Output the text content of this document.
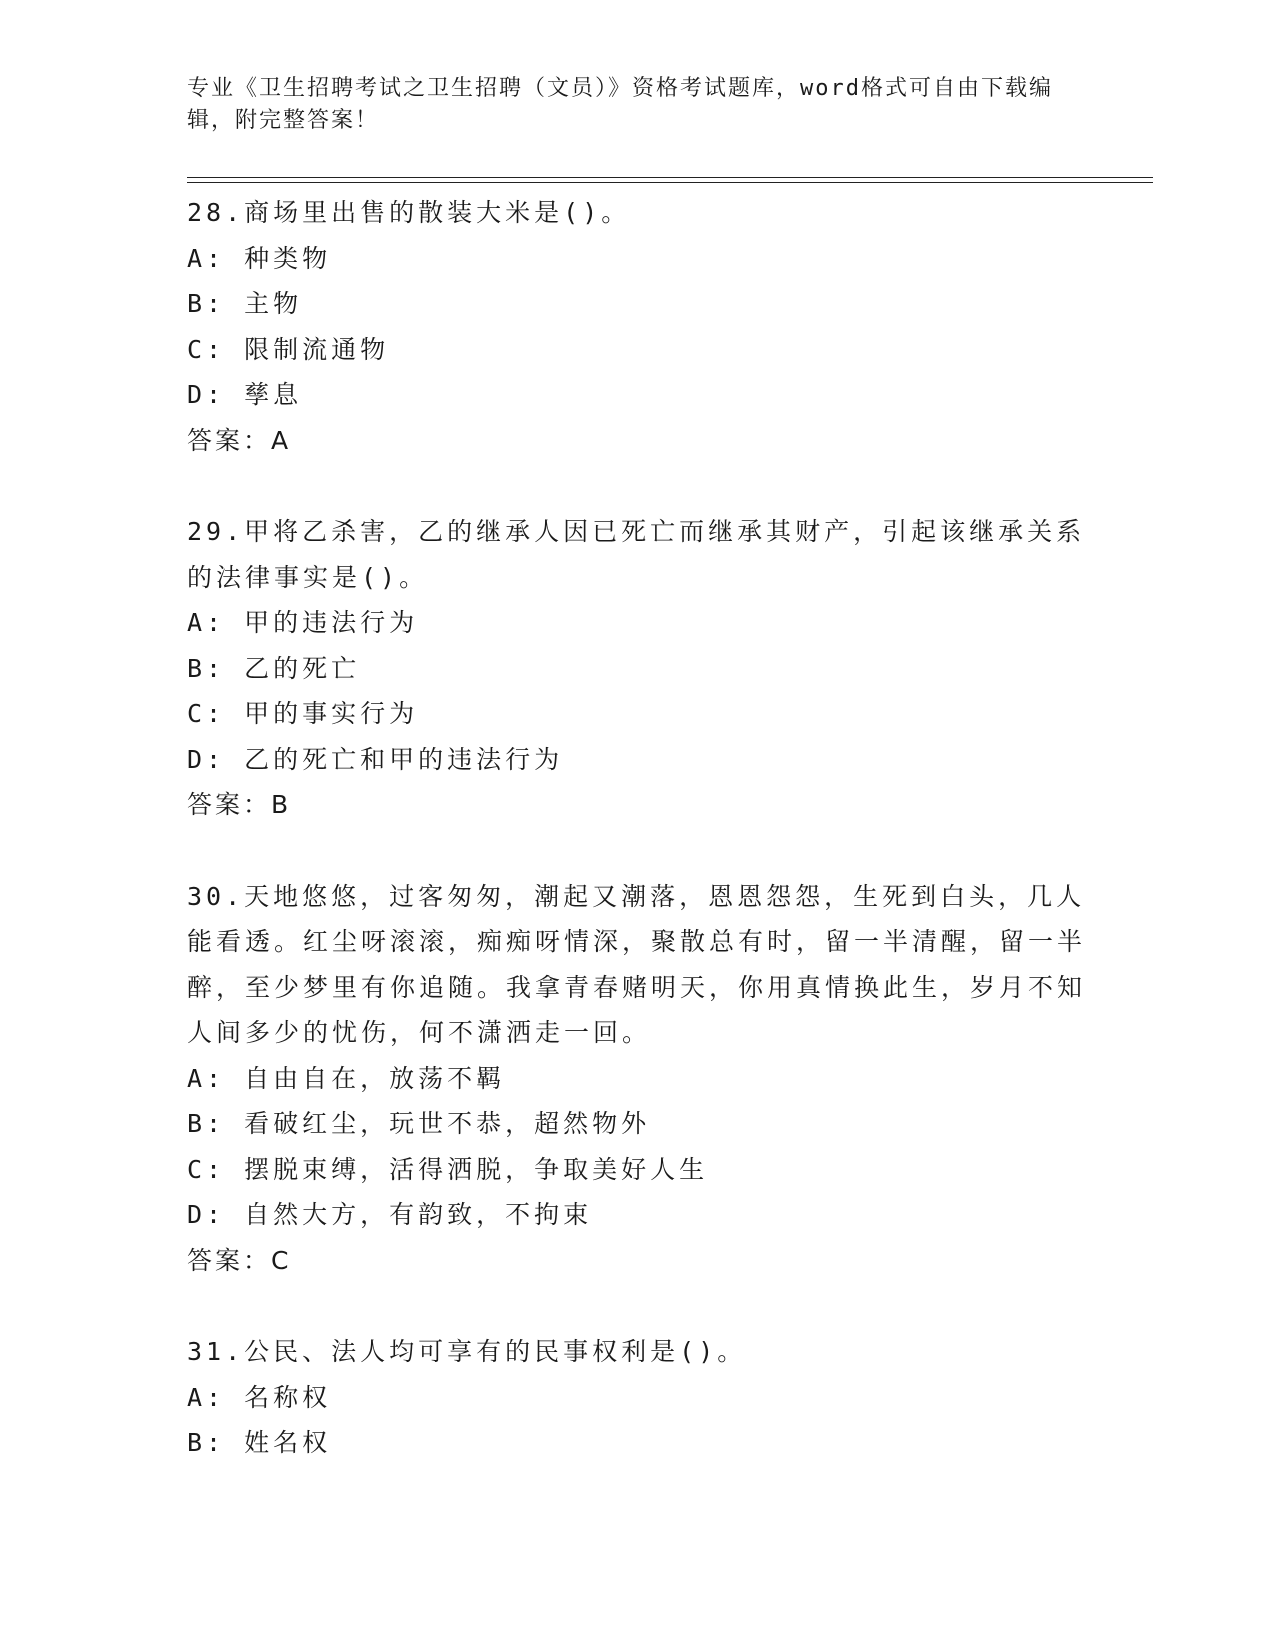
专业《卫生招聘考试之卫生招聘（文员）》资格考试题库，word格式可自由下载编辑，附完整答案！
28.商场里出售的散装大米是()。
A: 种类物
B: 主物
C: 限制流通物
D: 孳息
答案：A
29.甲将乙杀害，乙的继承人因已死亡而继承其财产，引起该继承关系的法律事实是()。
A: 甲的违法行为
B: 乙的死亡
C: 甲的事实行为
D: 乙的死亡和甲的违法行为
答案：B
30.天地悠悠，过客匆匆，潮起又潮落，恩恩怨怨，生死到白头，几人能看透。红尘呀滚滚，痴痴呀情深，聚散总有时，留一半清醒，留一半醉，至少梦里有你追随。我拿青春赌明天，你用真情换此生，岁月不知人间多少的忧伤，何不潇洒走一回。
A: 自由自在，放荡不羁
B: 看破红尘，玩世不恭，超然物外
C: 摆脱束缚，活得洒脱，争取美好人生
D: 自然大方，有韵致，不拘束
答案：C
31.公民、法人均可享有的民事权利是()。
A: 名称权
B: 姓名权
